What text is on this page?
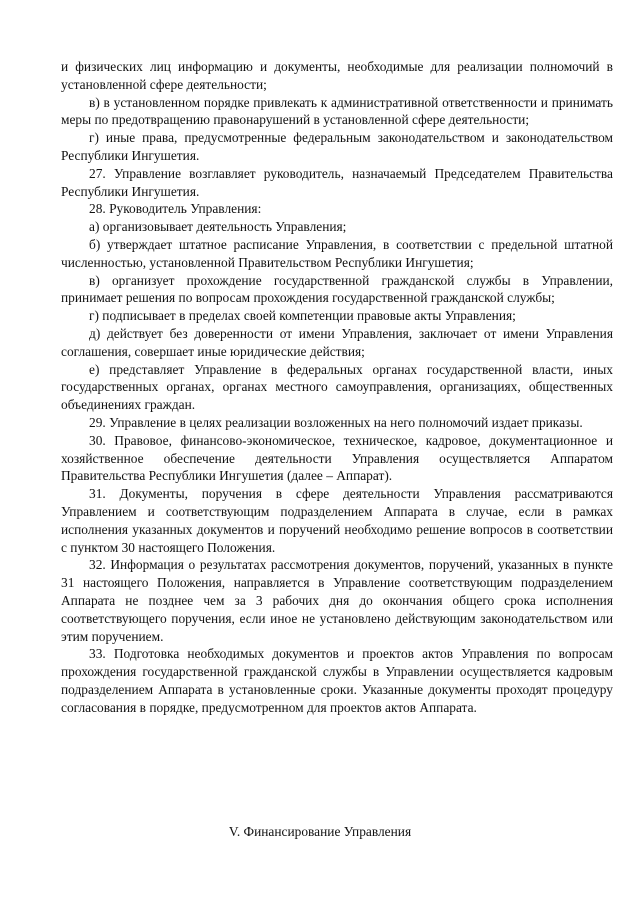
и физических лиц информацию и документы, необходимые для реализации полномочий в установленной сфере деятельности;

в) в установленном порядке привлекать к административной ответственности и принимать меры по предотвращению правонарушений в установленной сфере деятельности;

г) иные права, предусмотренные федеральным законодательством и законодательством Республики Ингушетия.

27. Управление возглавляет руководитель, назначаемый Председателем Правительства Республики Ингушетия.

28. Руководитель Управления:

а) организовывает деятельность Управления;

б) утверждает штатное расписание Управления, в соответствии с предельной штатной численностью, установленной Правительством Республики Ингушетия;

в) организует прохождение государственной гражданской службы в Управлении, принимает решения по вопросам прохождения государственной гражданской службы;

г) подписывает в пределах своей компетенции правовые акты Управления;

д) действует без доверенности от имени Управления, заключает от имени Управления соглашения, совершает иные юридические действия;

е) представляет Управление в федеральных органах государственной власти, иных государственных органах, органах местного самоуправления, организациях, общественных объединениях граждан.

29. Управление в целях реализации возложенных на него полномочий издает приказы.

30. Правовое, финансово-экономическое, техническое, кадровое, документационное и хозяйственное обеспечение деятельности Управления осуществляется Аппаратом Правительства Республики Ингушетия (далее – Аппарат).

31. Документы, поручения в сфере деятельности Управления рассматриваются Управлением и соответствующим подразделением Аппарата в случае, если в рамках исполнения указанных документов и поручений необходимо решение вопросов в соответствии с пунктом 30 настоящего Положения.

32. Информация о результатах рассмотрения документов, поручений, указанных в пункте 31 настоящего Положения, направляется в Управление соответствующим подразделением Аппарата не позднее чем за 3 рабочих дня до окончания общего срока исполнения соответствующего поручения, если иное не установлено действующим законодательством или этим поручением.

33. Подготовка необходимых документов и проектов актов Управления по вопросам прохождения государственной гражданской службы в Управлении осуществляется кадровым подразделением Аппарата в установленные сроки. Указанные документы проходят процедуру согласования в порядке, предусмотренном для проектов актов Аппарата.

V. Финансирование Управления
